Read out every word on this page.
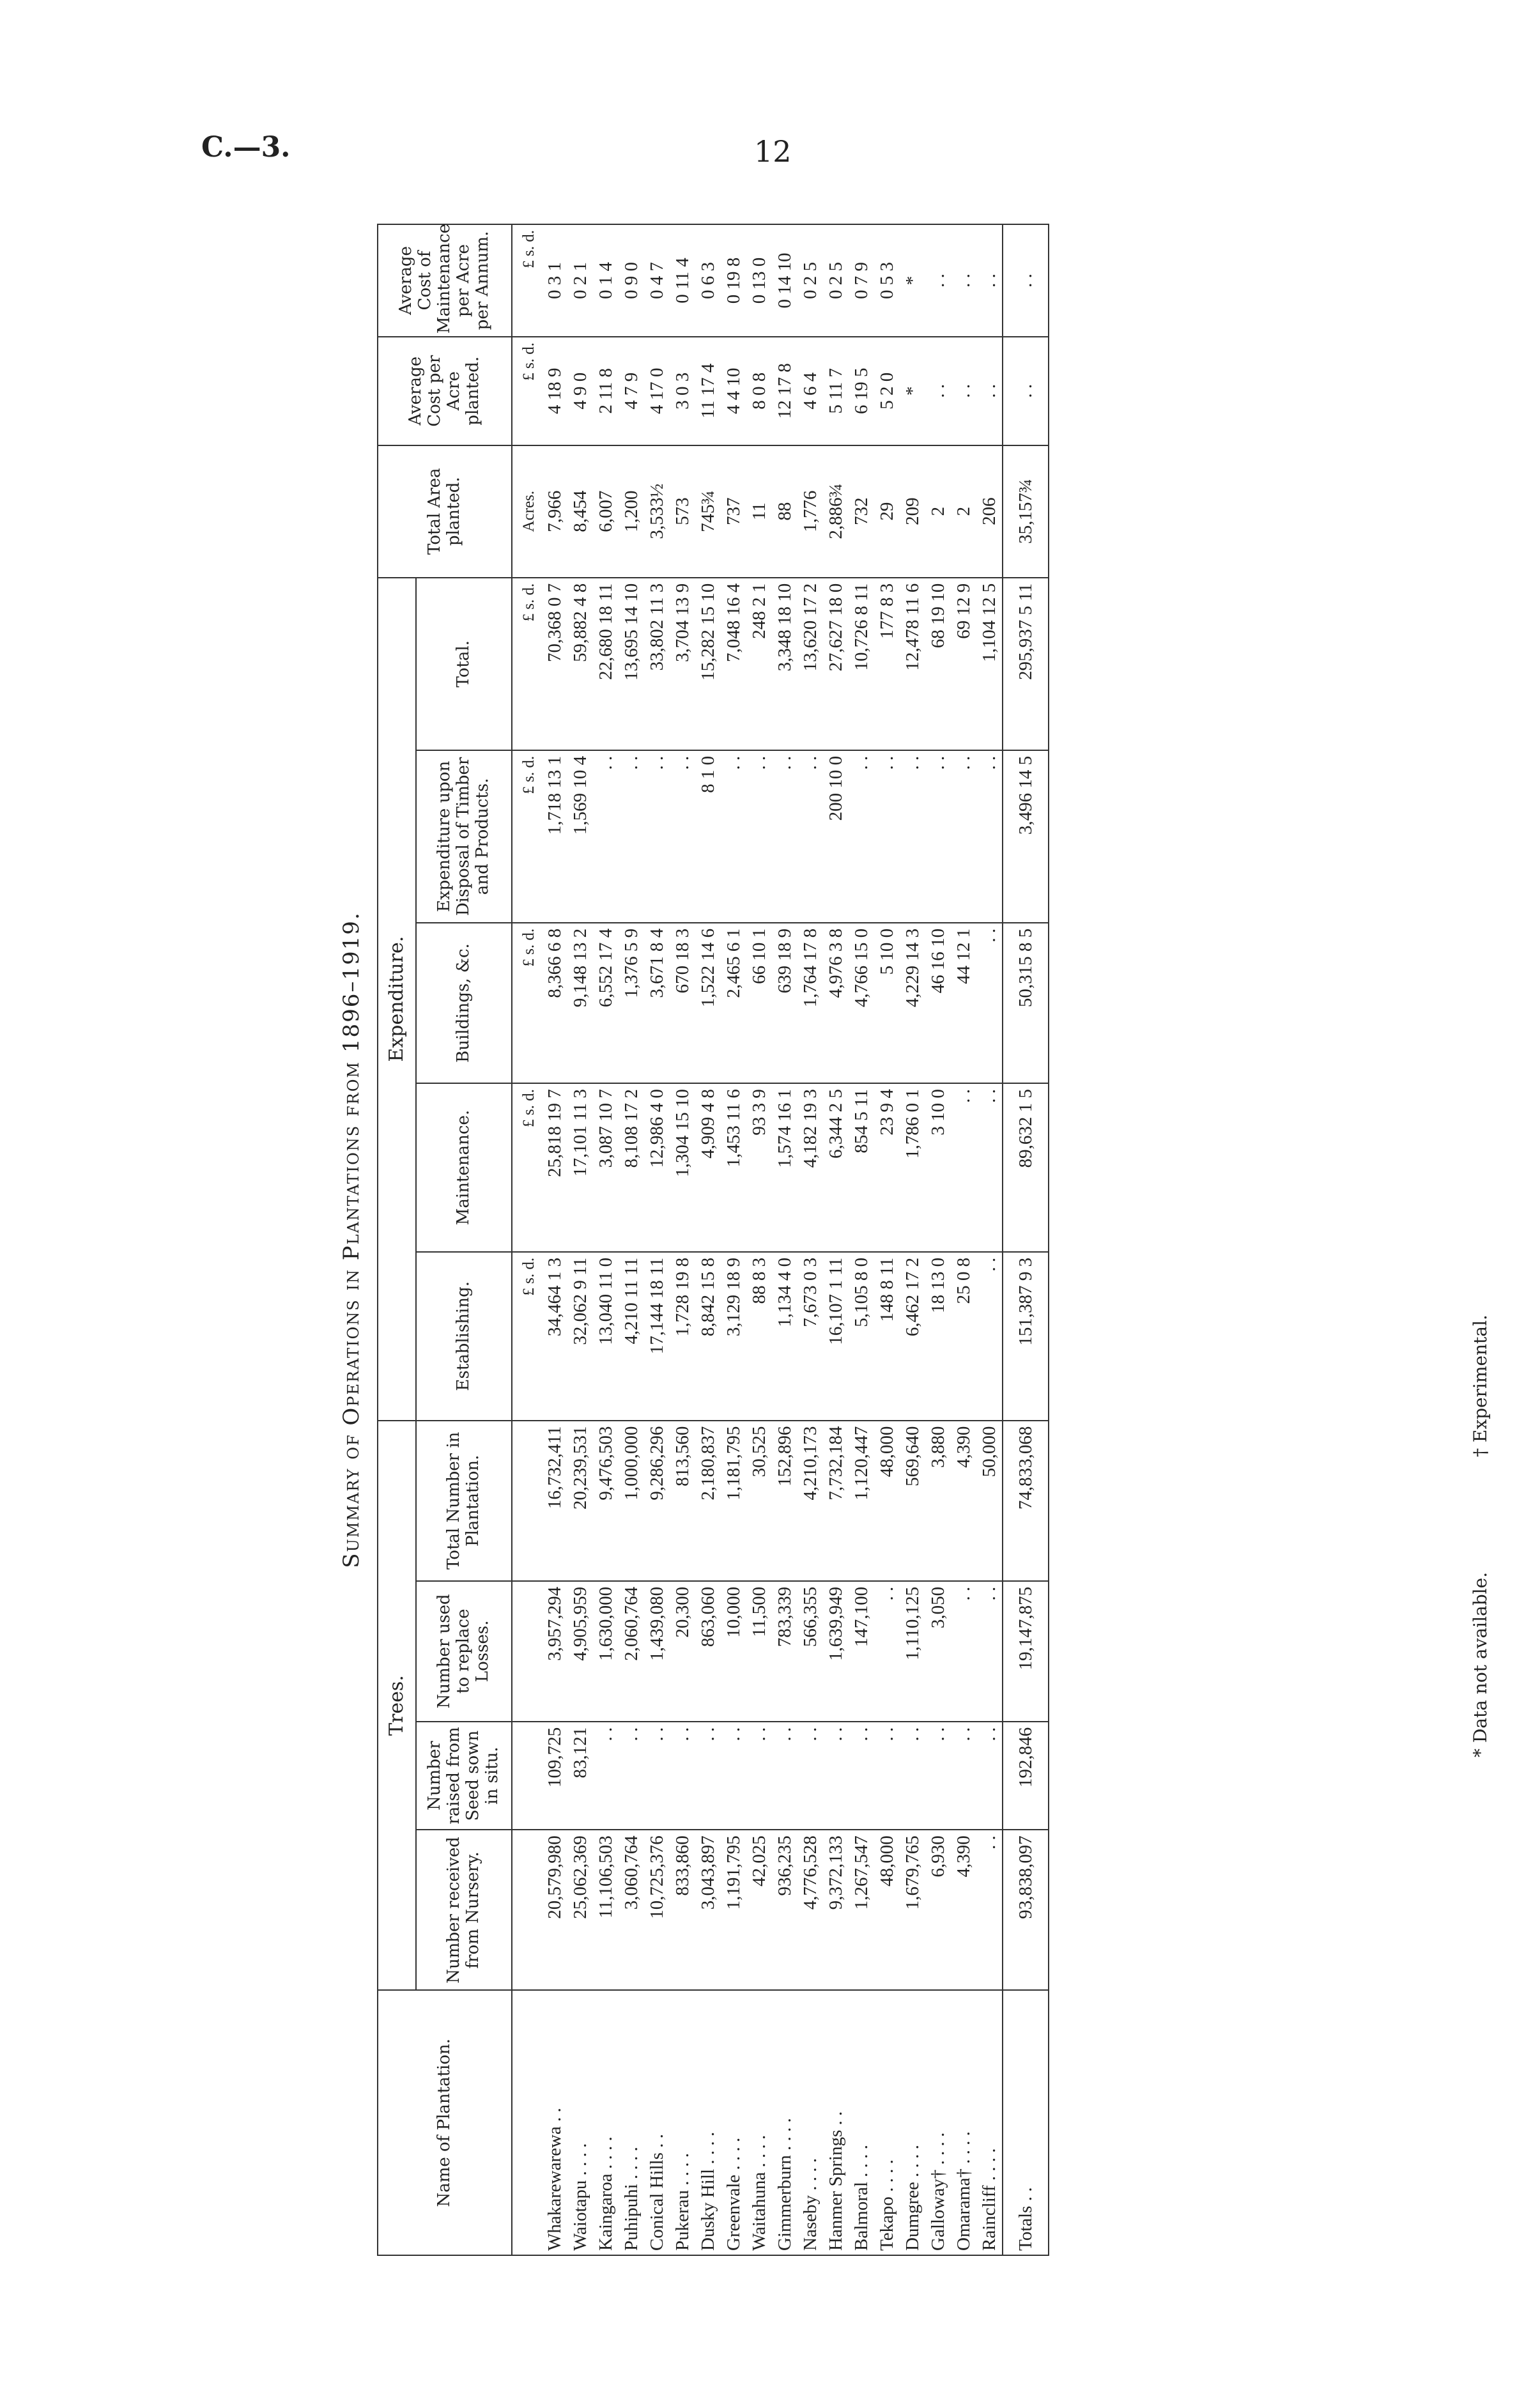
C.—3.	12
Summary of Operations in Plantations from 1896–1919.
Name of Plantation.	Trees.				Expenditure.					Total Area planted.	Average Cost per Acre planted.	Average Cost of Maintenance per Acre per Annum.
	Number received from Nursery.	Number raised from Seed sown in situ.	Number used to replace Losses.	Total Number in Plantation.	Establishing.	Maintenance.	Buildings, &c.	Expenditure upon Disposal of Timber and Products.	Total.			
					£ s. d.	£ s. d.	£ s. d.	£ s. d.	£ s. d.	Acres.	£ s. d.	£ s. d.
Whakarewarewa . .	20,579,980	109,725	3,957,294	16,732,411	34,464 1 3	25,818 19 7	8,366 6 8	1,718 13 1	70,368 0 7	7,966	4 18 9	0 3 1
Waiotapu . . . .	25,062,369	83,121	4,905,959	20,239,531	32,062 9 11	17,101 11 3	9,148 13 2	1,569 10 4	59,882 4 8	8,454	4 9 0	0 2 1
Kaingaroa . . . .	11,106,503	. .	1,630,000	9,476,503	13,040 11 0	3,087 10 7	6,552 17 4	. .	22,680 18 11	6,007	2 11 8	0 1 4
Puhipuhi . . . .	3,060,764	. .	2,060,764	1,000,000	4,210 11 11	8,108 17 2	1,376 5 9	. .	13,695 14 10	1,200	4 7 9	0 9 0
Conical Hills . .	10,725,376	. .	1,439,080	9,286,296	17,144 18 11	12,986 4 0	3,671 8 4	. .	33,802 11 3	3,533½	4 17 0	0 4 7
Pukerau . . . .	833,860	. .	20,300	813,560	1,728 19 8	1,304 15 10	670 18 3	. .	3,704 13 9	573	3 0 3	0 11 4
Dusky Hill . . . .	3,043,897	. .	863,060	2,180,837	8,842 15 8	4,909 4 8	1,522 14 6	8 1 0	15,282 15 10	745¾	11 17 4	0 6 3
Greenvale . . . .	1,191,795	. .	10,000	1,181,795	3,129 18 9	1,453 11 6	2,465 6 1	. .	7,048 16 4	737	4 4 10	0 19 8
Waitahuna . . . .	42,025	. .	11,500	30,525	88 8 3	93 3 9	66 10 1	. .	248 2 1	11	8 0 8	0 13 0
Gimmerburn . . . .	936,235	. .	783,339	152,896	1,134 4 0	1,574 16 1	639 18 9	. .	3,348 18 10	88	12 17 8	0 14 10
Naseby . . . .	4,776,528	. .	566,355	4,210,173	7,673 0 3	4,182 19 3	1,764 17 8	. .	13,620 17 2	1,776	4 6 4	0 2 5
Hanmer Springs . .	9,372,133	. .	1,639,949	7,732,184	16,107 1 11	6,344 2 5	4,976 3 8	200 10 0	27,627 18 0	2,886¾	5 11 7	0 2 5
Balmoral . . . .	1,267,547	. .	147,100	1,120,447	5,105 8 0	854 5 11	4,766 15 0	. .	10,726 8 11	732	6 19 5	0 7 9
Tekapo . . . .	48,000	. .	. .	48,000	148 8 11	23 9 4	5 10 0	. .	177 8 3	29	5 2 0	0 5 3
Dumgree . . . .	1,679,765	. .	1,110,125	569,640	6,462 17 2	1,786 0 1	4,229 14 3	. .	12,478 11 6	209	*	*
Galloway† . . . .	6,930	. .	3,050	3,880	18 13 0	3 10 0	46 16 10	. .	68 19 10	2	. .	. .
Omarama† . . . .	4,390	. .	. .	4,390	25 0 8	. .	44 12 1	. .	69 12 9	2	. .	. .
Raincliff . . . .	. .	. .	. .	50,000	. .	. .	. .	. .	1,104 12 5	206	. .	. .
Totals . .	93,838,097	192,846	19,147,875	74,833,068	151,387 9 3	89,632 1 5	50,315 8 5	3,496 14 5	295,937 5 11	35,157¾	. .	. .
* Data not available.
† Experimental.
